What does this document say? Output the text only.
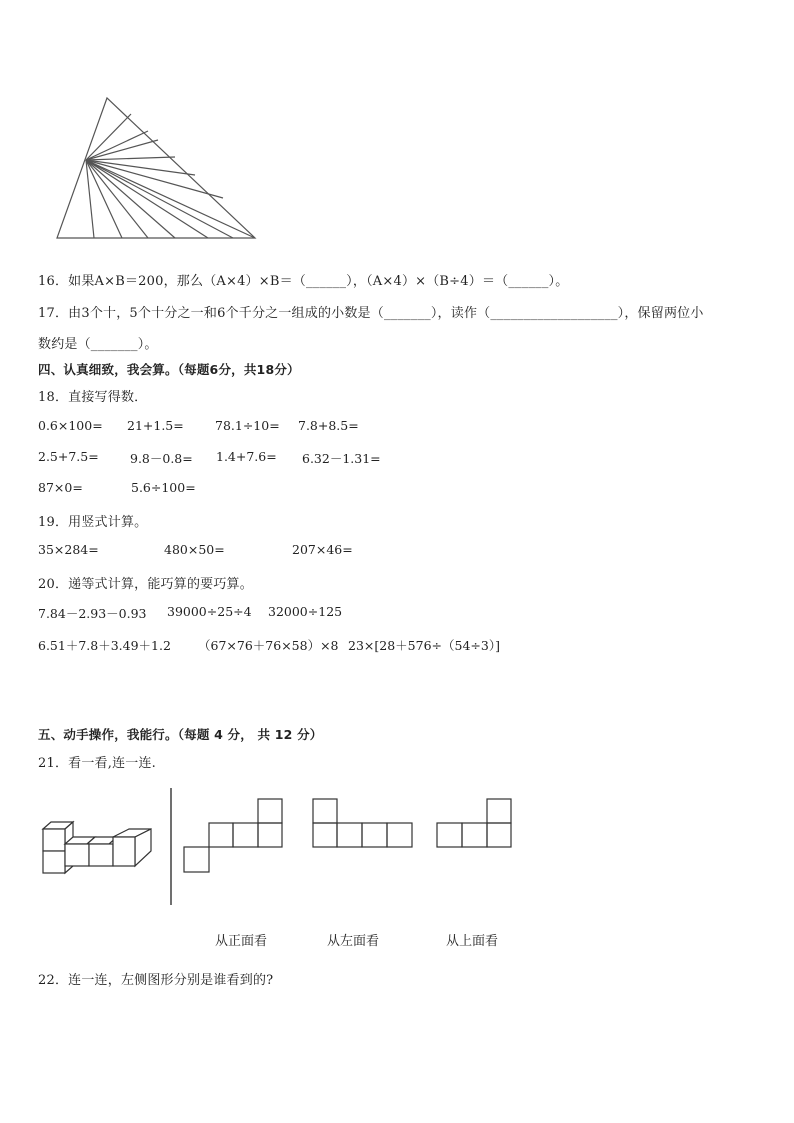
16．如果A×B＝200，那么（A×4）×B＝（______），（A×4）×（B÷4）＝（______）。
17．由3个十，5个十分之一和6个千分之一组成的小数是（_______），读作（___________________），保留两位小
数约是（_______）。
四、认真细致，我会算。（每题6分，共18分）
18．直接写得数．
0.6×100= 21+1.5=	78.1÷10= 7.8+8.5=
2.5+7.5=	9.8－0.8= 1.4+7.6= 6.32－1.31=
87×0=	5.6÷100=
19．用竖式计算。
35×284=	480×50=	207×46=
20．递等式计算，能巧算的要巧算。
7.84－2.93－0.93 39000÷25÷4 32000÷125
6.51＋7.8＋3.49＋1.2 （67×76＋76×58）×8 23×[28＋576÷（54÷3）]
五、动手操作，我能行。（每题 4 分， 共 12 分）
21．看一看,连一连.
从正面看	从左面看	从上面看
22．连一连，左侧图形分别是谁看到的?
